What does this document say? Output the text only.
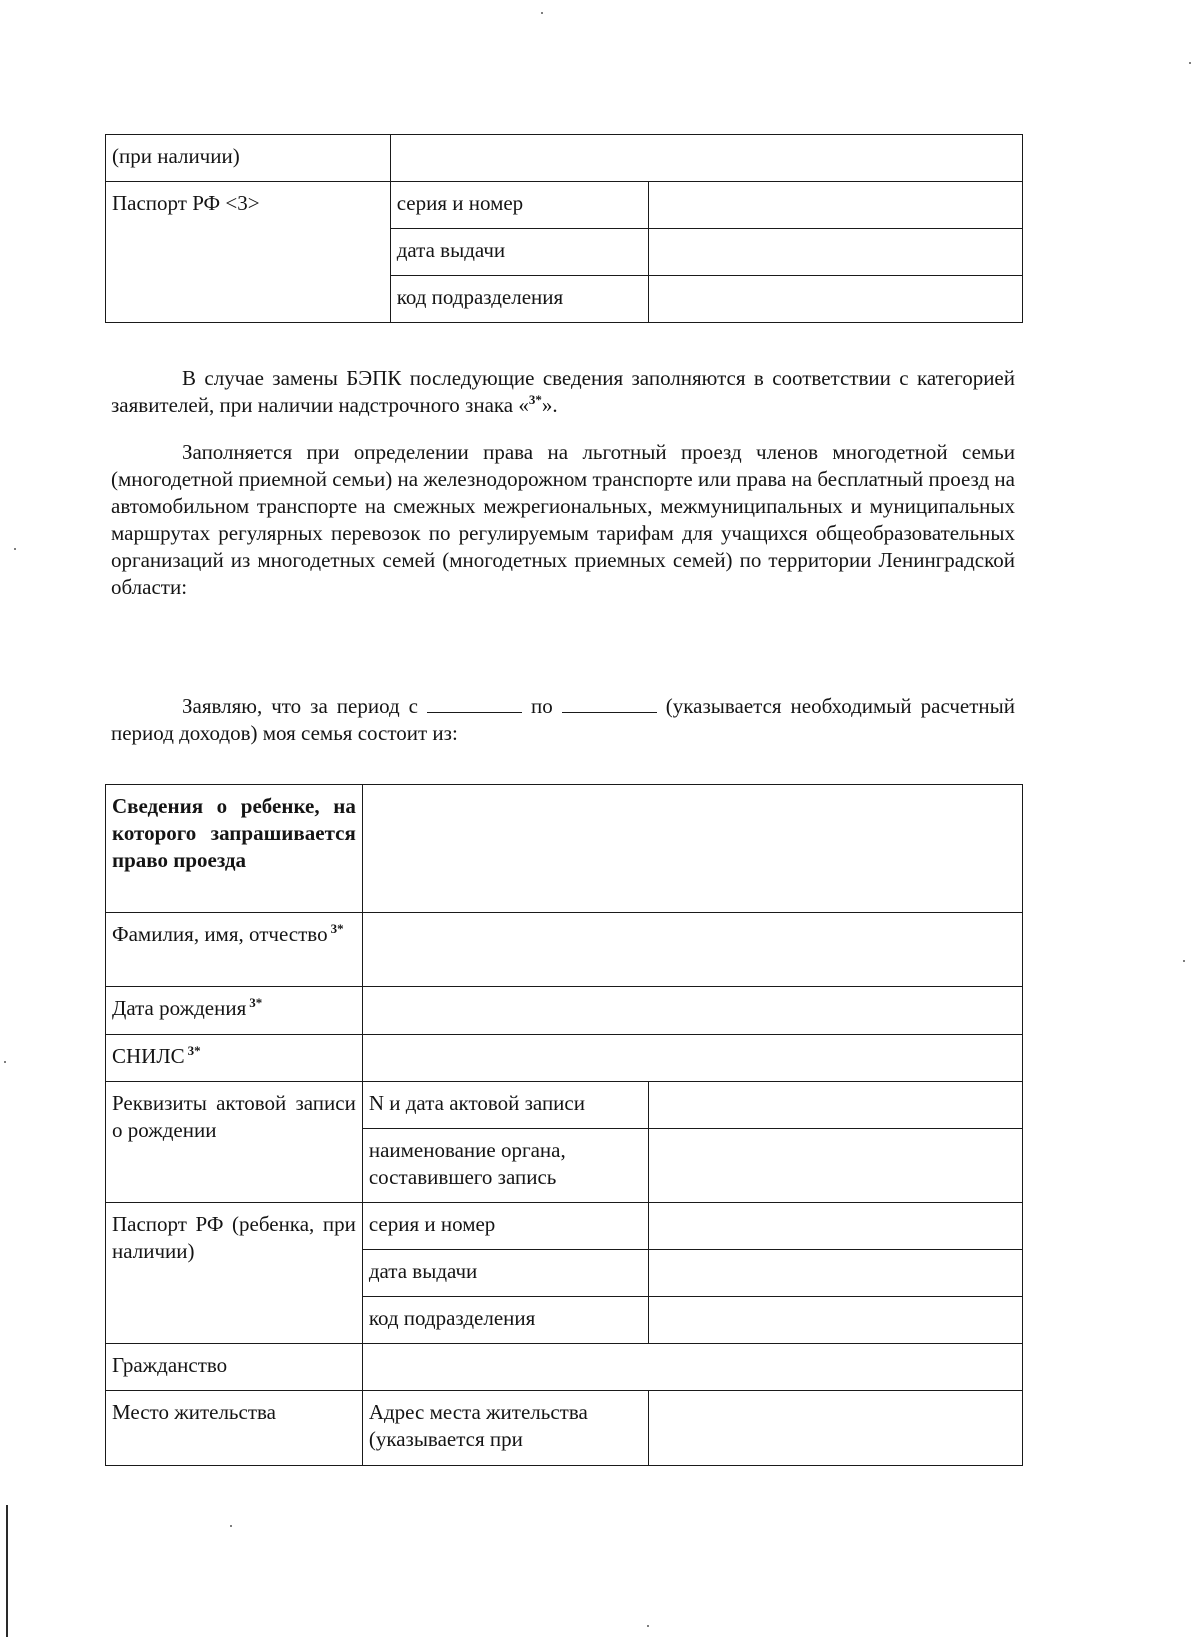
(при наличии)		
Паспорт РФ <3>	серия и номер	
	дата выдачи	
	код подразделения	

В случае замены БЭПК последующие сведения заполняются в соответствии с категорией заявителей, при наличии надстрочного знака «$^{3*}$».

Заполняется при определении права на льготный проезд членов многодетной семьи (многодетной приемной семьи) на железнодорожном транспорте или права на бесплатный проезд на автомобильном транспорте на смежных межрегиональных, межмуниципальных и муниципальных маршрутах регулярных перевозок по регулируемым тарифам для учащихся общеобразовательных организаций из многодетных семей (многодетных приемных семей) по территории Ленинградской области:

Заявляю, что за период с	по	(указывается необходимый расчетный период доходов) моя семья состоит из:

Сведения о ребенке, на которого запрашивается право проезда		
Фамилия, имя, отчество $^{3*}$	
Дата рождения $^{3*}$	
СНИЛС $^{3*}$	
Реквизиты актовой записи о рождении	N и дата актовой записи	
	наименование органа, составившего запись	
Паспорт РФ (ребенка, при наличии)	серия и номер	
	дата выдачи	
	код подразделения	
Гражданство		
Место жительства	Адрес места жительства (указывается при	
